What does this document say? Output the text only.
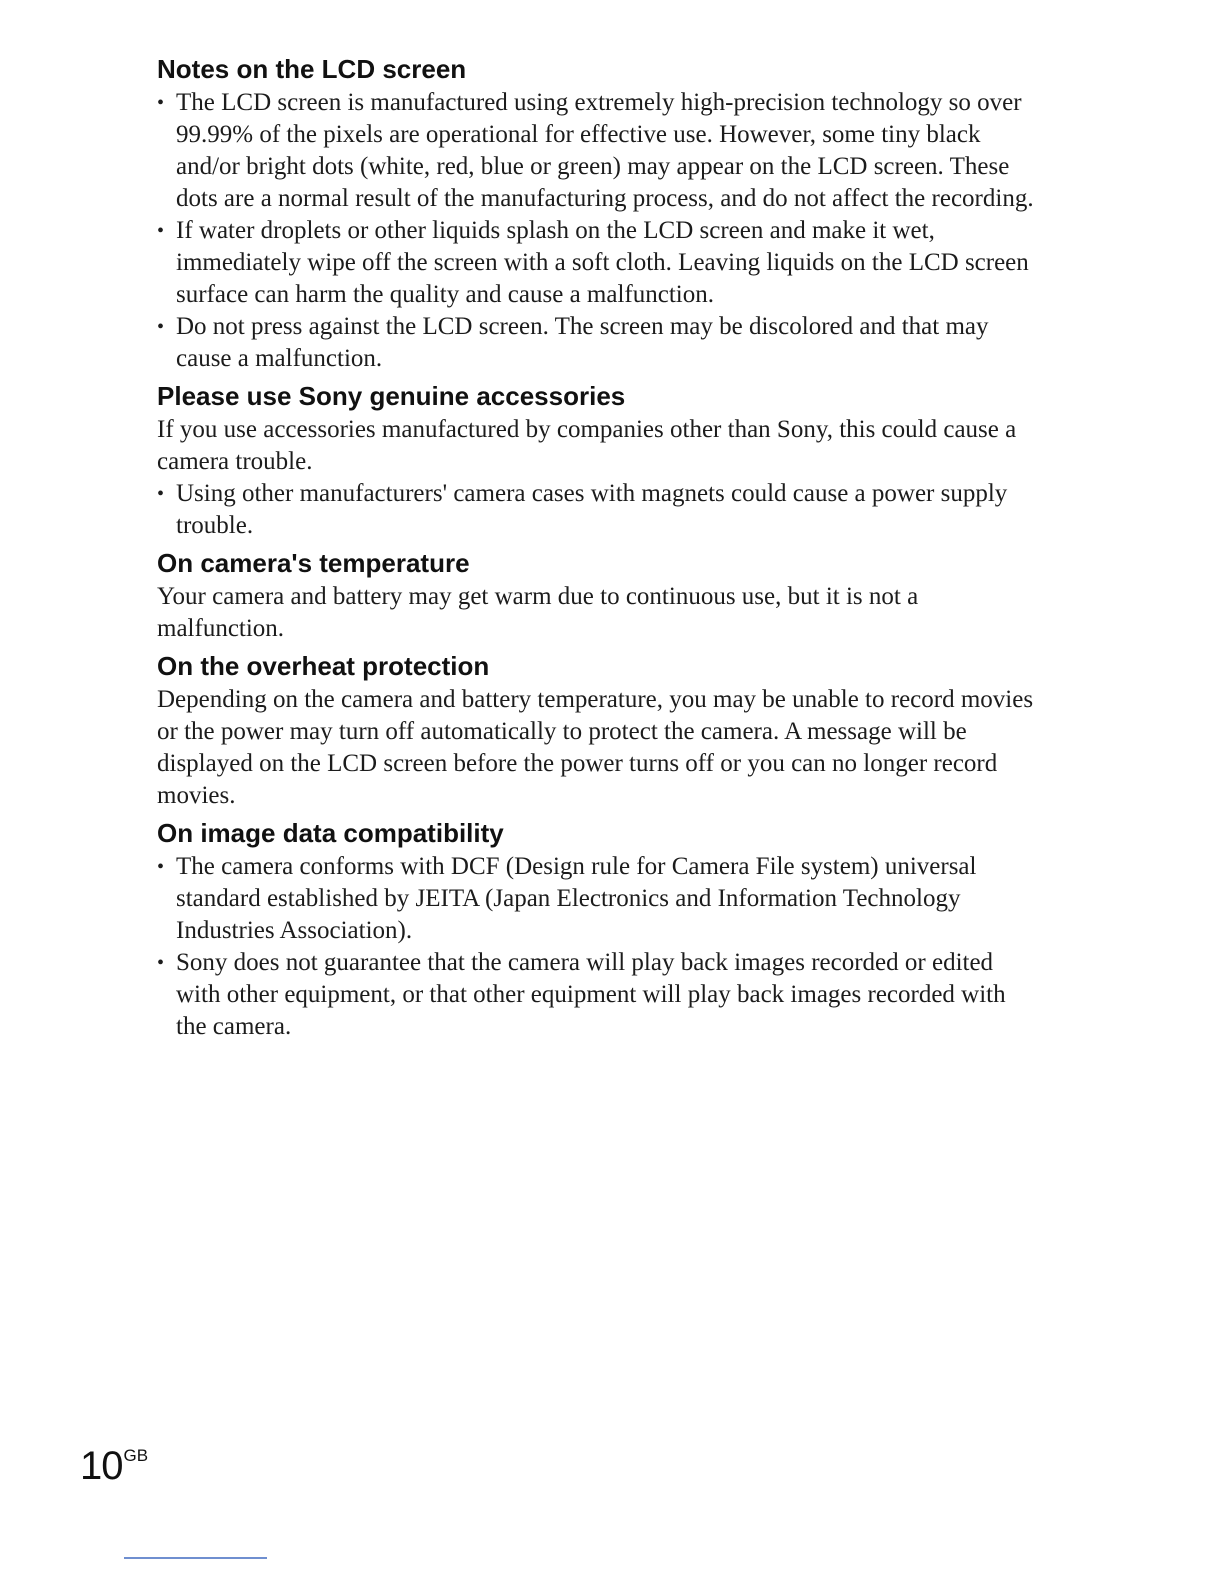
Notes on the LCD screen
• The LCD screen is manufactured using extremely high-precision technology so over 99.99% of the pixels are operational for effective use. However, some tiny black and/or bright dots (white, red, blue or green) may appear on the LCD screen. These dots are a normal result of the manufacturing process, and do not affect the recording.
• If water droplets or other liquids splash on the LCD screen and make it wet, immediately wipe off the screen with a soft cloth. Leaving liquids on the LCD screen surface can harm the quality and cause a malfunction.
• Do not press against the LCD screen. The screen may be discolored and that may cause a malfunction.
Please use Sony genuine accessories

If you use accessories manufactured by companies other than Sony, this could cause a camera trouble.

• Using other manufacturers' camera cases with magnets could cause a power supply trouble.
On camera's temperature

Your camera and battery may get warm due to continuous use, but it is not a malfunction.

On the overheat protection

Depending on the camera and battery temperature, you may be unable to record movies or the power may turn off automatically to protect the camera. A message will be displayed on the LCD screen before the power turns off or you can no longer record movies.

On image data compatibility
• The camera conforms with DCF (Design rule for Camera File system) universal standard established by JEITA (Japan Electronics and Information Technology Industries Association).
• Sony does not guarantee that the camera will play back images recorded or edited with other equipment, or that other equipment will play back images recorded with the camera.
10GB
